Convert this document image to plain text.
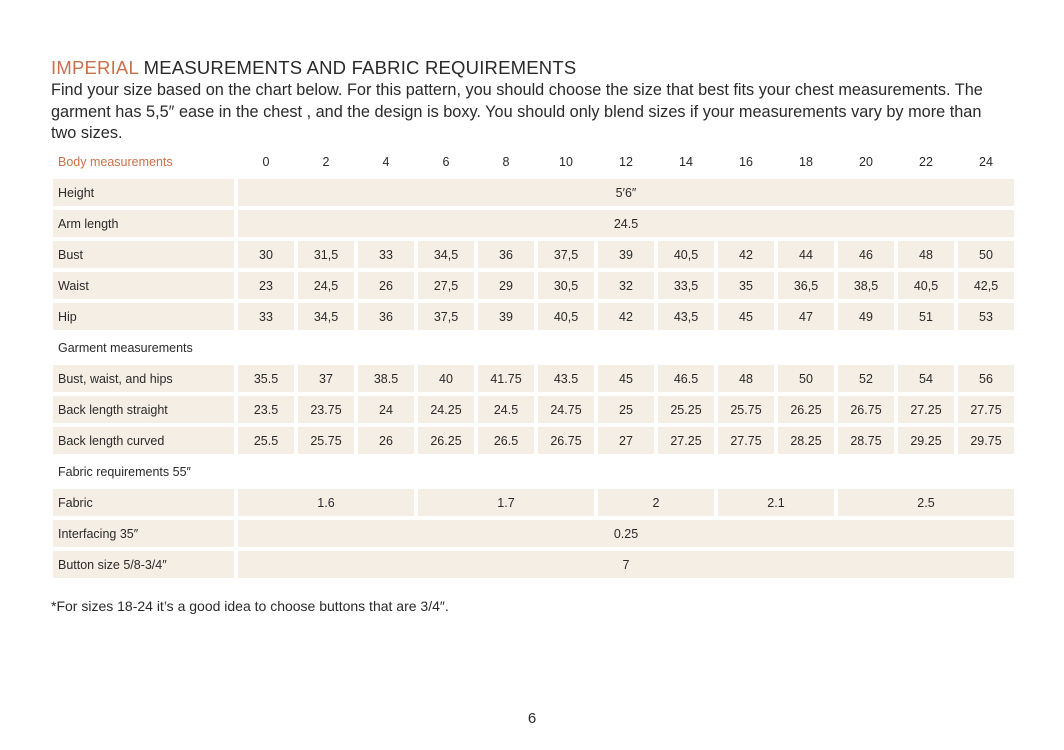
IMPERIAL MEASUREMENTS AND FABRIC REQUIREMENTS

Find your size based on the chart below. For this pattern, you should choose the size that best fits your chest measurements. The garment has 5,5″ ease in the chest , and the design is boxy. You should only blend sizes if your measurements vary by more than two sizes.

Body measurements	0	2	4	6	8	10	12	14	16	18	20	22	24
Height	5′6″												
Arm length	24.5												
Bust	30	31,5	33	34,5	36	37,5	39	40,5	42	44	46	48	50
Waist	23	24,5	26	27,5	29	30,5	32	33,5	35	36,5	38,5	40,5	42,5
Hip	33	34,5	36	37,5	39	40,5	42	43,5	45	47	49	51	53
Garment measurements													
Bust, waist, and hips	35.5	37	38.5	40	41.75	43.5	45	46.5	48	50	52	54	56
Back length straight	23.5	23.75	24	24.25	24.5	24.75	25	25.25	25.75	26.25	26.75	27.25	27.75
Back length curved	25.5	25.75	26	26.25	26.5	26.75	27	27.25	27.75	28.25	28.75	29.25	29.75
Fabric requirements 55″													
Fabric	1.6			1.7			2		2.1		2.5		
Interfacing 35″	0.25												
Button size 5/8-3/4″	7												

*For sizes 18-24 it’s a good idea to choose buttons that are 3/4″.

6
